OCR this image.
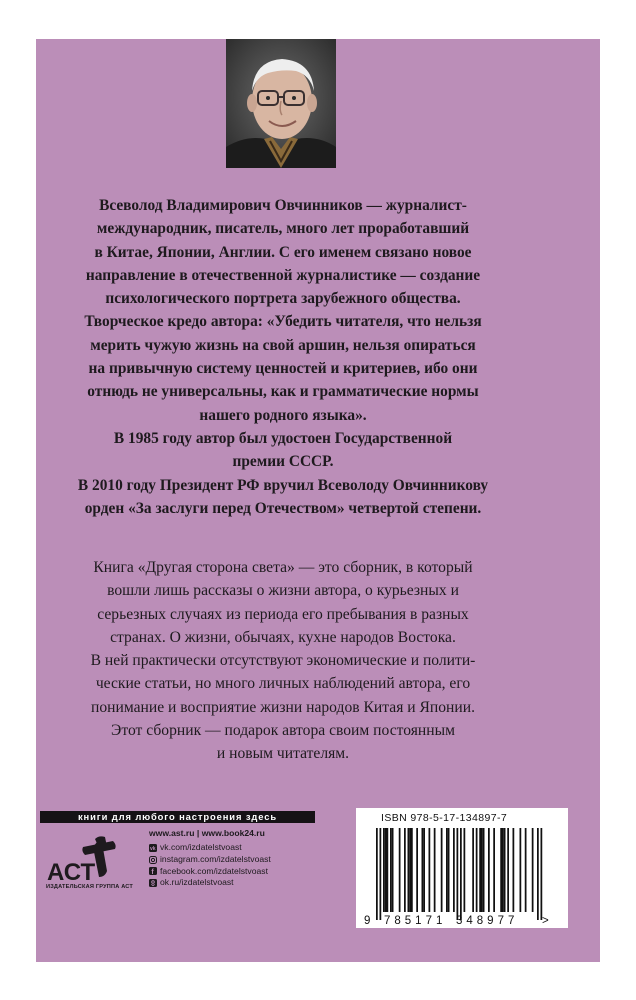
Всеволод Владимирович Овчинников — журналист-

международник, писатель, много лет проработавший

в Китае, Японии, Англии. С его именем связано новое

направление в отечественной журналистике — создание

психологического портрета зарубежного общества.

Творческое кредо автора: «Убедить читателя, что нельзя

мерить чужую жизнь на свой аршин, нельзя опираться

на привычную систему ценностей и критериев, ибо они

отнюдь не универсальны, как и грамматические нормы

нашего родного языка».

В 1985 году автор был удостоен Государственной

премии СССР.

В 2010 году Президент РФ вручил Всеволоду Овчинникову

орден «За заслуги перед Отечеством» четвертой степени.

Книга «Другая сторона света» — это сборник, в который

вошли лишь рассказы о жизни автора, о курьезных и

серьезных случаях из периода его пребывания в разных

странах. О жизни, обычаях, кухне народов Востока.

В ней практически отсутствуют экономические и полити-

ческие статьи, но много личных наблюдений автора, его

понимание и восприятие жизни народов Китая и Японии.

Этот сборник — подарок автора своим постоянным

и новым читателям.

книги для любого настроения здесь
АСТ
ИЗДАТЕЛЬСКАЯ ГРУППА АСТ
www.ast.ru | www.book24.ru
vk vk.com/izdatelstvoast
instagram.com/izdatelstvoast
f facebook.com/izdatelstvoast
ok.ru/izdatelstvoast
ISBN 978-5-17-134897-7
9 785171 348977 >
